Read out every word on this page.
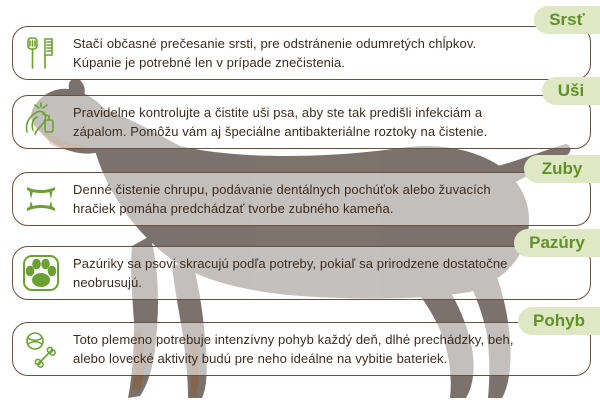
Stačí občasné prečesanie srsti, pre odstránenie odumretých chĺpkov.
Kúpanie je potrebné len v prípade znečistenia.
Srsť
Pravidelne kontrolujte a čistite uši psa, aby ste tak predišli infekciám a
zápalom. Pomôžu vám aj špeciálne antibakteriálne roztoky na čistenie.
Uši
Denné čistenie chrupu, podávanie dentálnych pochúťok alebo žuvacích
hračiek pomáha predchádzať tvorbe zubného kameňa.
Zuby
Pazúriky sa psovi skracujú podľa potreby, pokiaľ sa prirodzene dostatočne
neobrusujú.
Pazúry
Toto plemeno potrebuje intenzívny pohyb každý deň, dlhé prechádzky, beh,
alebo lovecké aktivity budú pre neho ideálne na vybitie bateriek.
Pohyb
